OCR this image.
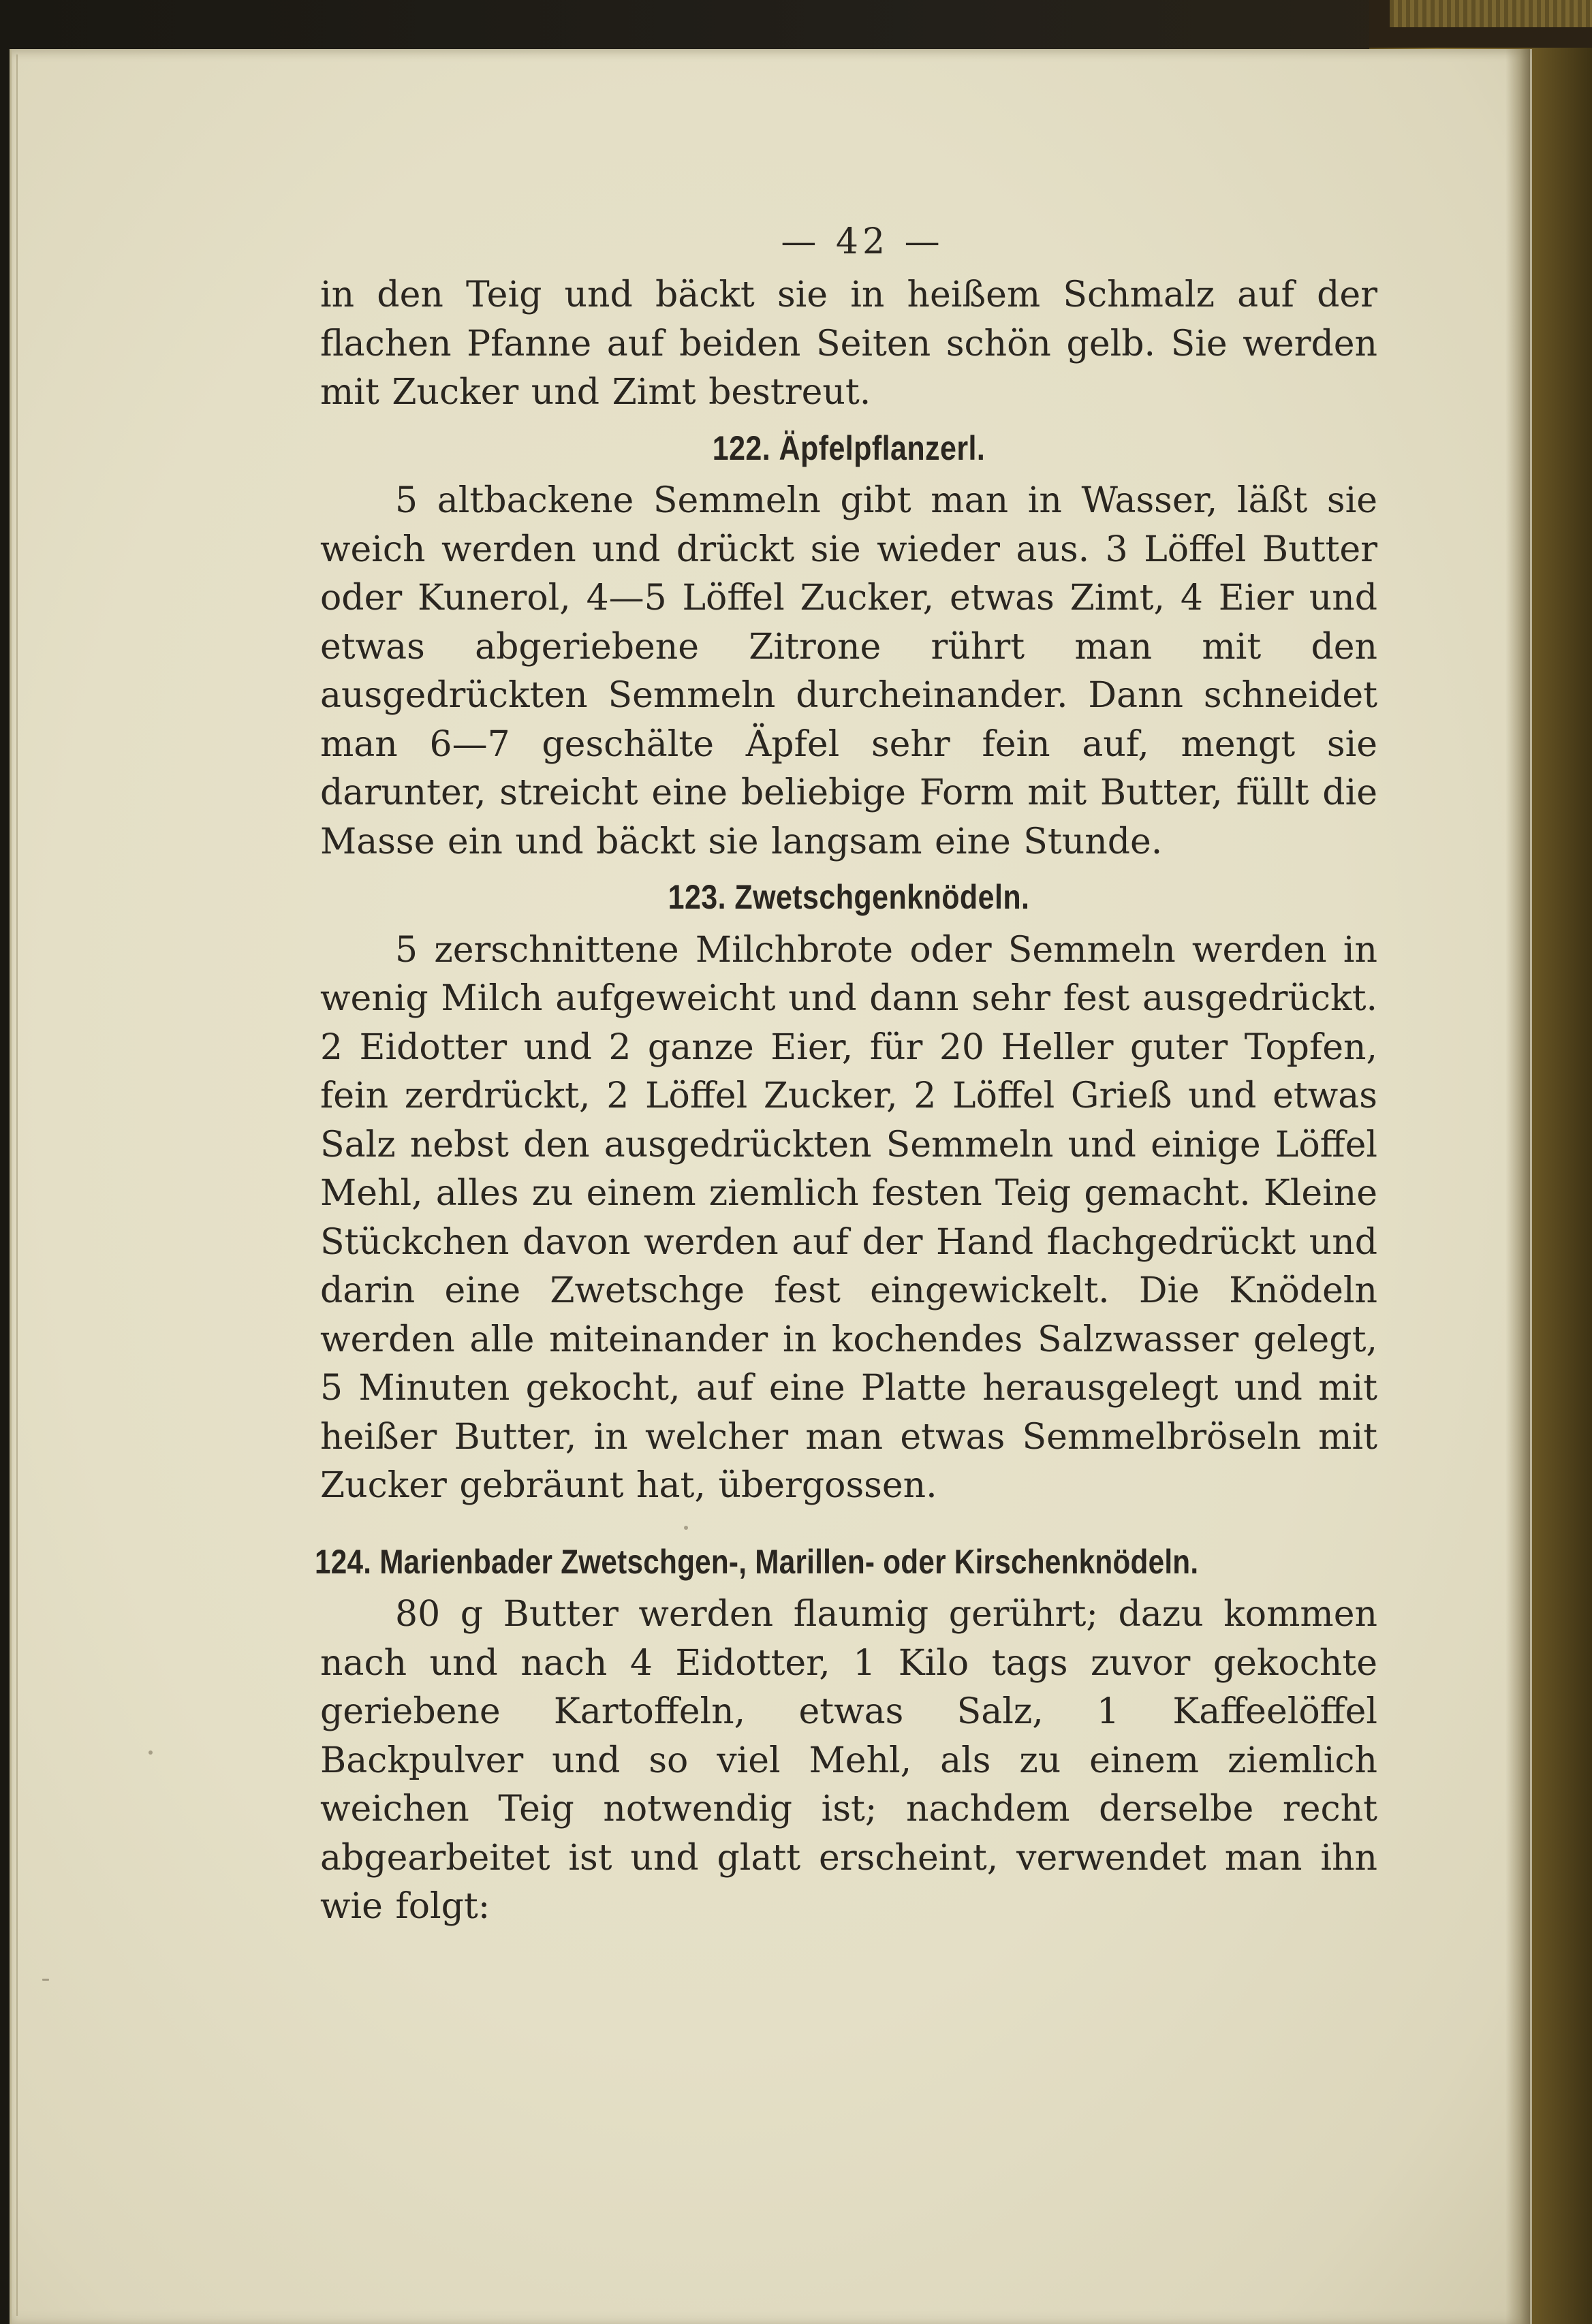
— 42 —

in den Teig und bäckt sie in heißem Schmalz auf der flachen Pfanne auf beiden Seiten schön gelb. Sie werden mit Zucker und Zimt bestreut.

122. Äpfelpflanzerl.

5 altbackene Semmeln gibt man in Wasser, läßt sie weich werden und drückt sie wieder aus. 3 Löffel Butter oder Kunerol, 4—5 Löffel Zucker, etwas Zimt, 4 Eier und etwas abgeriebene Zitrone rührt man mit den ausgedrückten Semmeln durcheinander. Dann schneidet man 6—7 geschälte Äpfel sehr fein auf, mengt sie darunter, streicht eine beliebige Form mit Butter, füllt die Masse ein und bäckt sie langsam eine Stunde.

123. Zwetschgenknödeln.

5 zerschnittene Milchbrote oder Semmeln werden in wenig Milch aufgeweicht und dann sehr fest ausgedrückt. 2 Eidotter und 2 ganze Eier, für 20 Heller guter Topfen, fein zerdrückt, 2 Löffel Zucker, 2 Löffel Grieß und etwas Salz nebst den ausgedrückten Semmeln und einige Löffel Mehl, alles zu einem ziemlich festen Teig gemacht. Kleine Stückchen davon werden auf der Hand flachgedrückt und darin eine Zwetschge fest eingewickelt. Die Knödeln werden alle miteinander in kochendes Salzwasser gelegt, 5 Minuten gekocht, auf eine Platte herausgelegt und mit heißer Butter, in welcher man etwas Semmelbröseln mit Zucker gebräunt hat, übergossen.

124. Marienbader Zwetschgen-, Marillen- oder Kirschenknödeln.

80 g Butter werden flaumig gerührt; dazu kommen nach und nach 4 Eidotter, 1 Kilo tags zuvor gekochte geriebene Kartoffeln, etwas Salz, 1 Kaffeelöffel Backpulver und so viel Mehl, als zu einem ziemlich weichen Teig notwendig ist; nachdem derselbe recht abgearbeitet ist und glatt erscheint, verwendet man ihn wie folgt:
